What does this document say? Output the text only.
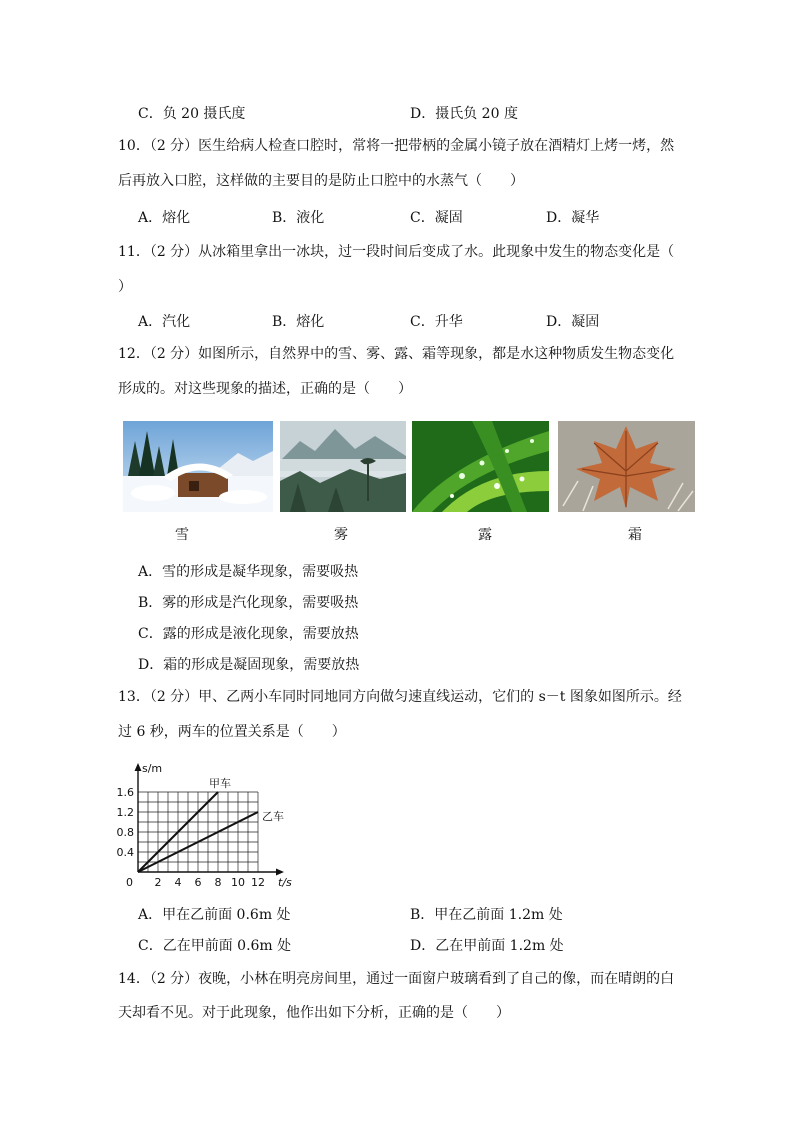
C．负 20 摄氏度	D．摄氏负 20 度
10．（2 分）医生给病人检查口腔时，常将一把带柄的金属小镜子放在酒精灯上烤一烤，然
后再放入口腔，这样做的主要目的是防止口腔中的水蒸气（　　）
A．熔化	B．液化	C．凝固	D．凝华
11．（2 分）从冰箱里拿出一冰块，过一段时间后变成了水。此现象中发生的物态变化是（
）
A．汽化	B．熔化	C．升华	D．凝固
12．（2 分）如图所示，自然界中的雪、雾、露、霜等现象，都是水这种物质发生物态变化
形成的。对这些现象的描述，正确的是（　　）
雪	雾	露	霜
A．雪的形成是凝华现象，需要吸热
B．雾的形成是汽化现象，需要吸热
C．露的形成是液化现象，需要放热
D．霜的形成是凝固现象，需要放热
13．（2 分）甲、乙两小车同时同地同方向做匀速直线运动，它们的 s－t 图象如图所示。经
过 6 秒，两车的位置关系是（　　）
s/m
t/s
0
甲车
乙车
2 4 6 8 10 12
0.4
0.8
1.2
1.6
A．甲在乙前面 0.6m 处	B．甲在乙前面 1.2m 处
C．乙在甲前面 0.6m 处	D．乙在甲前面 1.2m 处
14．（2 分）夜晚，小林在明亮房间里，通过一面窗户玻璃看到了自己的像，而在晴朗的白
天却看不见。对于此现象，他作出如下分析，正确的是（　　）
